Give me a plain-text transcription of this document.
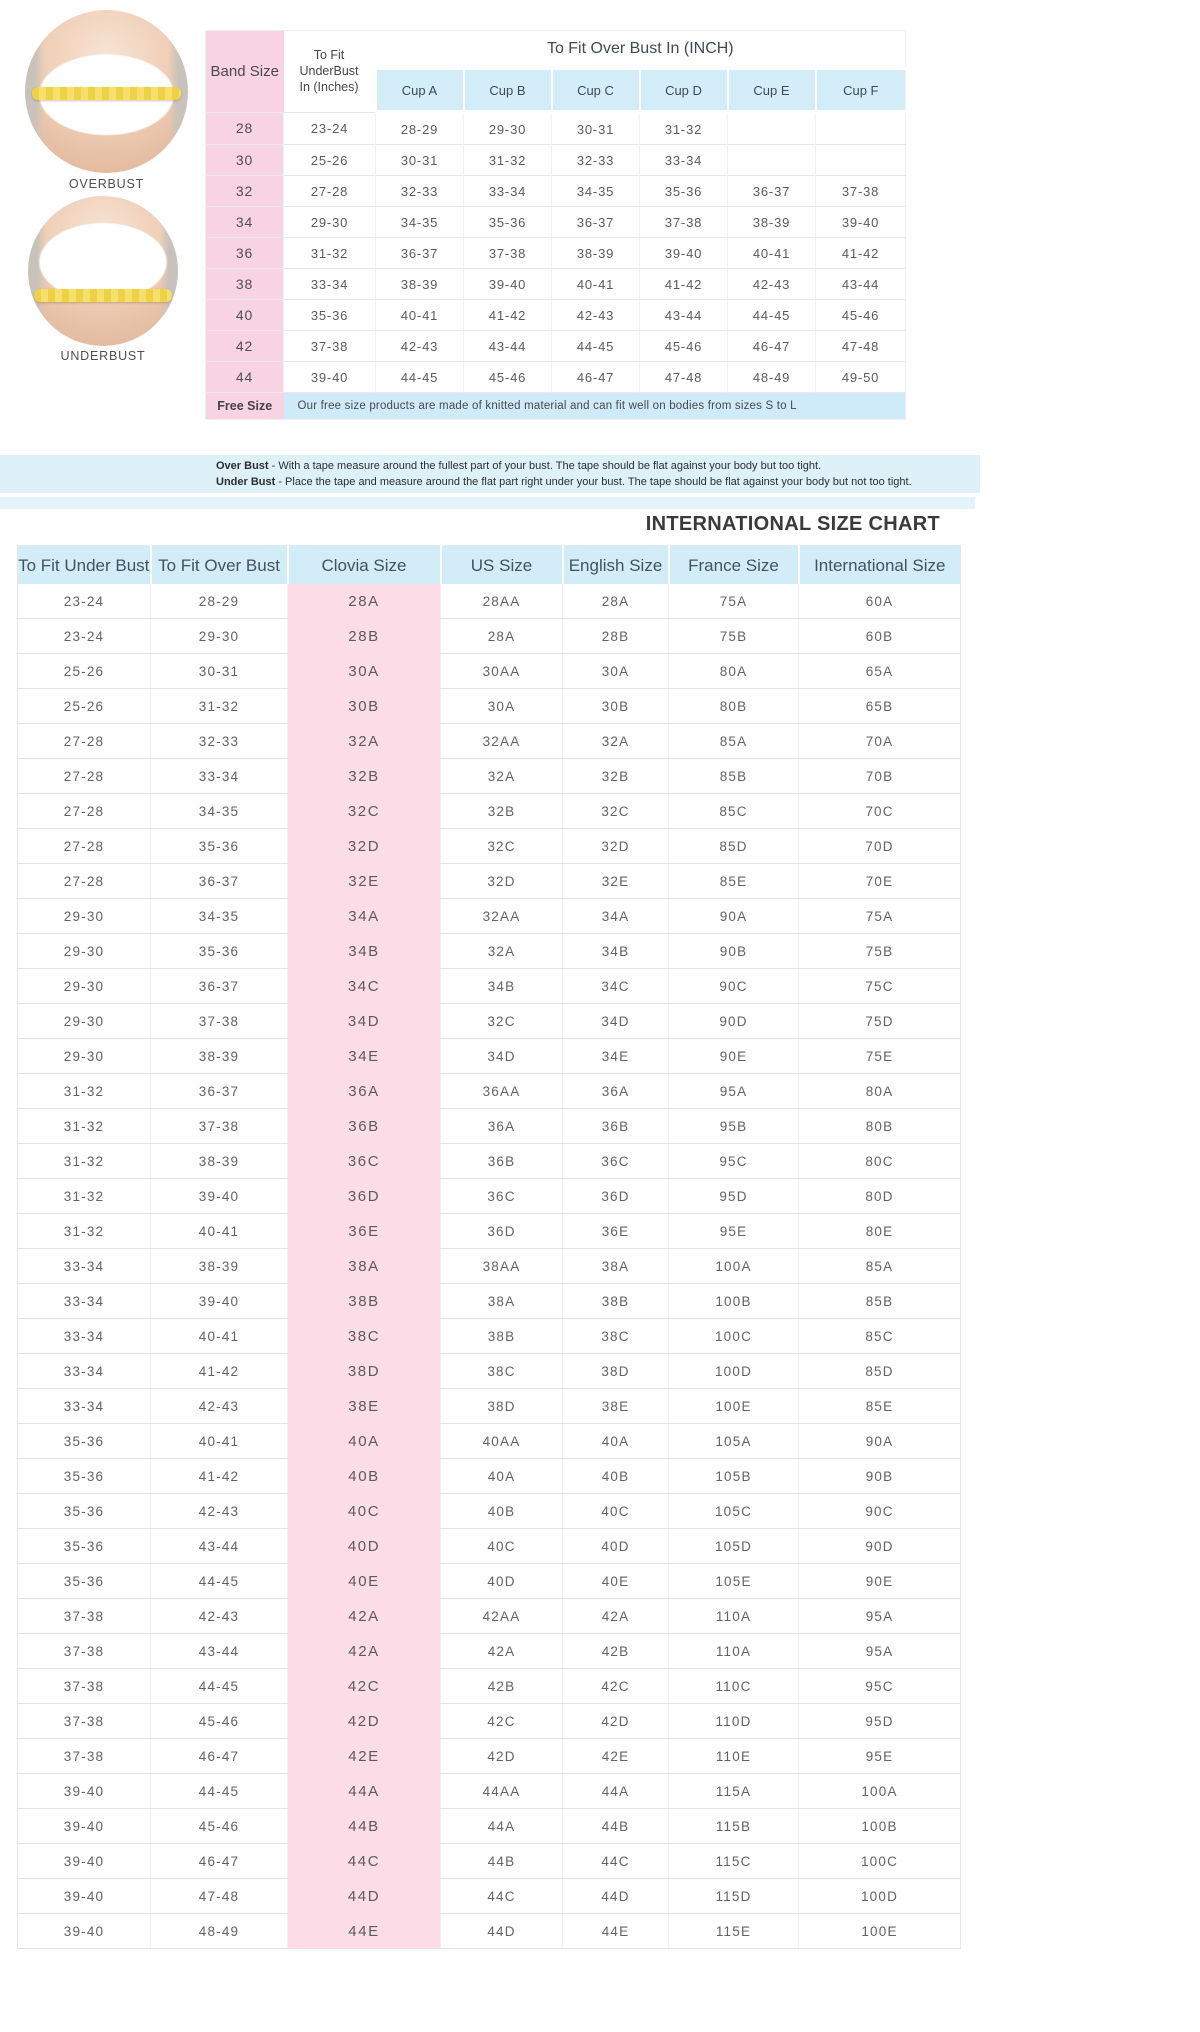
OVERBUST
UNDERBUST
Band Size	To Fit UnderBust In (Inches)	To Fit Over Bust In (INCH)					
		Cup A	Cup B	Cup C	Cup D	Cup E	Cup F
28	23-24	28-29	29-30	30-31	31-32		
30	25-26	30-31	31-32	32-33	33-34		
32	27-28	32-33	33-34	34-35	35-36	36-37	37-38
34	29-30	34-35	35-36	36-37	37-38	38-39	39-40
36	31-32	36-37	37-38	38-39	39-40	40-41	41-42
38	33-34	38-39	39-40	40-41	41-42	42-43	43-44
40	35-36	40-41	41-42	42-43	43-44	44-45	45-46
42	37-38	42-43	43-44	44-45	45-46	46-47	47-48
44	39-40	44-45	45-46	46-47	47-48	48-49	49-50
Free Size	Our free size products are made of knitted material and can fit well on bodies from sizes S to L						
Over Bust - With a tape measure around the fullest part of your bust. The tape should be flat against your body but too tight.
Under Bust - Place the tape and measure around the flat part right under your bust. The tape should be flat against your body but not too tight.
INTERNATIONAL SIZE CHART
To Fit Under Bust	To Fit Over Bust	Clovia Size	US Size	English Size	France Size	International Size
23-24	28-29	28A	28AA	28A	75A	60A
23-24	29-30	28B	28A	28B	75B	60B
25-26	30-31	30A	30AA	30A	80A	65A
25-26	31-32	30B	30A	30B	80B	65B
27-28	32-33	32A	32AA	32A	85A	70A
27-28	33-34	32B	32A	32B	85B	70B
27-28	34-35	32C	32B	32C	85C	70C
27-28	35-36	32D	32C	32D	85D	70D
27-28	36-37	32E	32D	32E	85E	70E
29-30	34-35	34A	32AA	34A	90A	75A
29-30	35-36	34B	32A	34B	90B	75B
29-30	36-37	34C	34B	34C	90C	75C
29-30	37-38	34D	32C	34D	90D	75D
29-30	38-39	34E	34D	34E	90E	75E
31-32	36-37	36A	36AA	36A	95A	80A
31-32	37-38	36B	36A	36B	95B	80B
31-32	38-39	36C	36B	36C	95C	80C
31-32	39-40	36D	36C	36D	95D	80D
31-32	40-41	36E	36D	36E	95E	80E
33-34	38-39	38A	38AA	38A	100A	85A
33-34	39-40	38B	38A	38B	100B	85B
33-34	40-41	38C	38B	38C	100C	85C
33-34	41-42	38D	38C	38D	100D	85D
33-34	42-43	38E	38D	38E	100E	85E
35-36	40-41	40A	40AA	40A	105A	90A
35-36	41-42	40B	40A	40B	105B	90B
35-36	42-43	40C	40B	40C	105C	90C
35-36	43-44	40D	40C	40D	105D	90D
35-36	44-45	40E	40D	40E	105E	90E
37-38	42-43	42A	42AA	42A	110A	95A
37-38	43-44	42A	42A	42B	110A	95A
37-38	44-45	42C	42B	42C	110C	95C
37-38	45-46	42D	42C	42D	110D	95D
37-38	46-47	42E	42D	42E	110E	95E
39-40	44-45	44A	44AA	44A	115A	100A
39-40	45-46	44B	44A	44B	115B	100B
39-40	46-47	44C	44B	44C	115C	100C
39-40	47-48	44D	44C	44D	115D	100D
39-40	48-49	44E	44D	44E	115E	100E
